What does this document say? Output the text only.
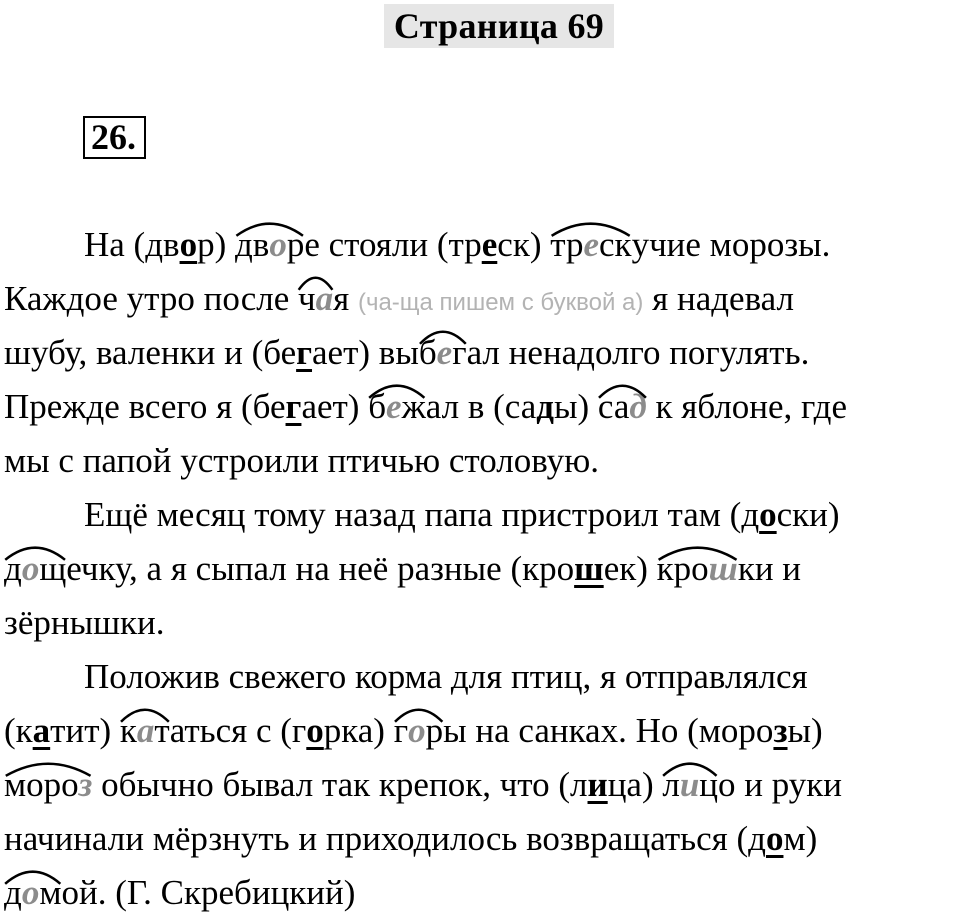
Страница 69
26.
На (двор)
дворе стояли (треск)
трескучие морозы.
Каждое утро после
чая (ча-ща пишем с буквой а) я надевал
шубу, валенки и (бегает) вы
бегал ненадолго погулять.
Прежде всего я (бегает)
бежал в (сады)
сад к яблоне, где
мы с папой устроили птичью столовую.
Ещё месяц тому назад папа пристроил там (доски)
дощечку, а я сыпал на неё разные (крошек)
крошки и
зёрнышки.
Положив свежего корма для птиц, я отправлялся
(катит)
кататься с (горка)
горы на санках. Но (морозы)
мороз обычно бывал так крепок, что (лица)
лицо и руки
начинали мёрзнуть и приходилось возвращаться (дом)
домой. (Г. Скребицкий)
